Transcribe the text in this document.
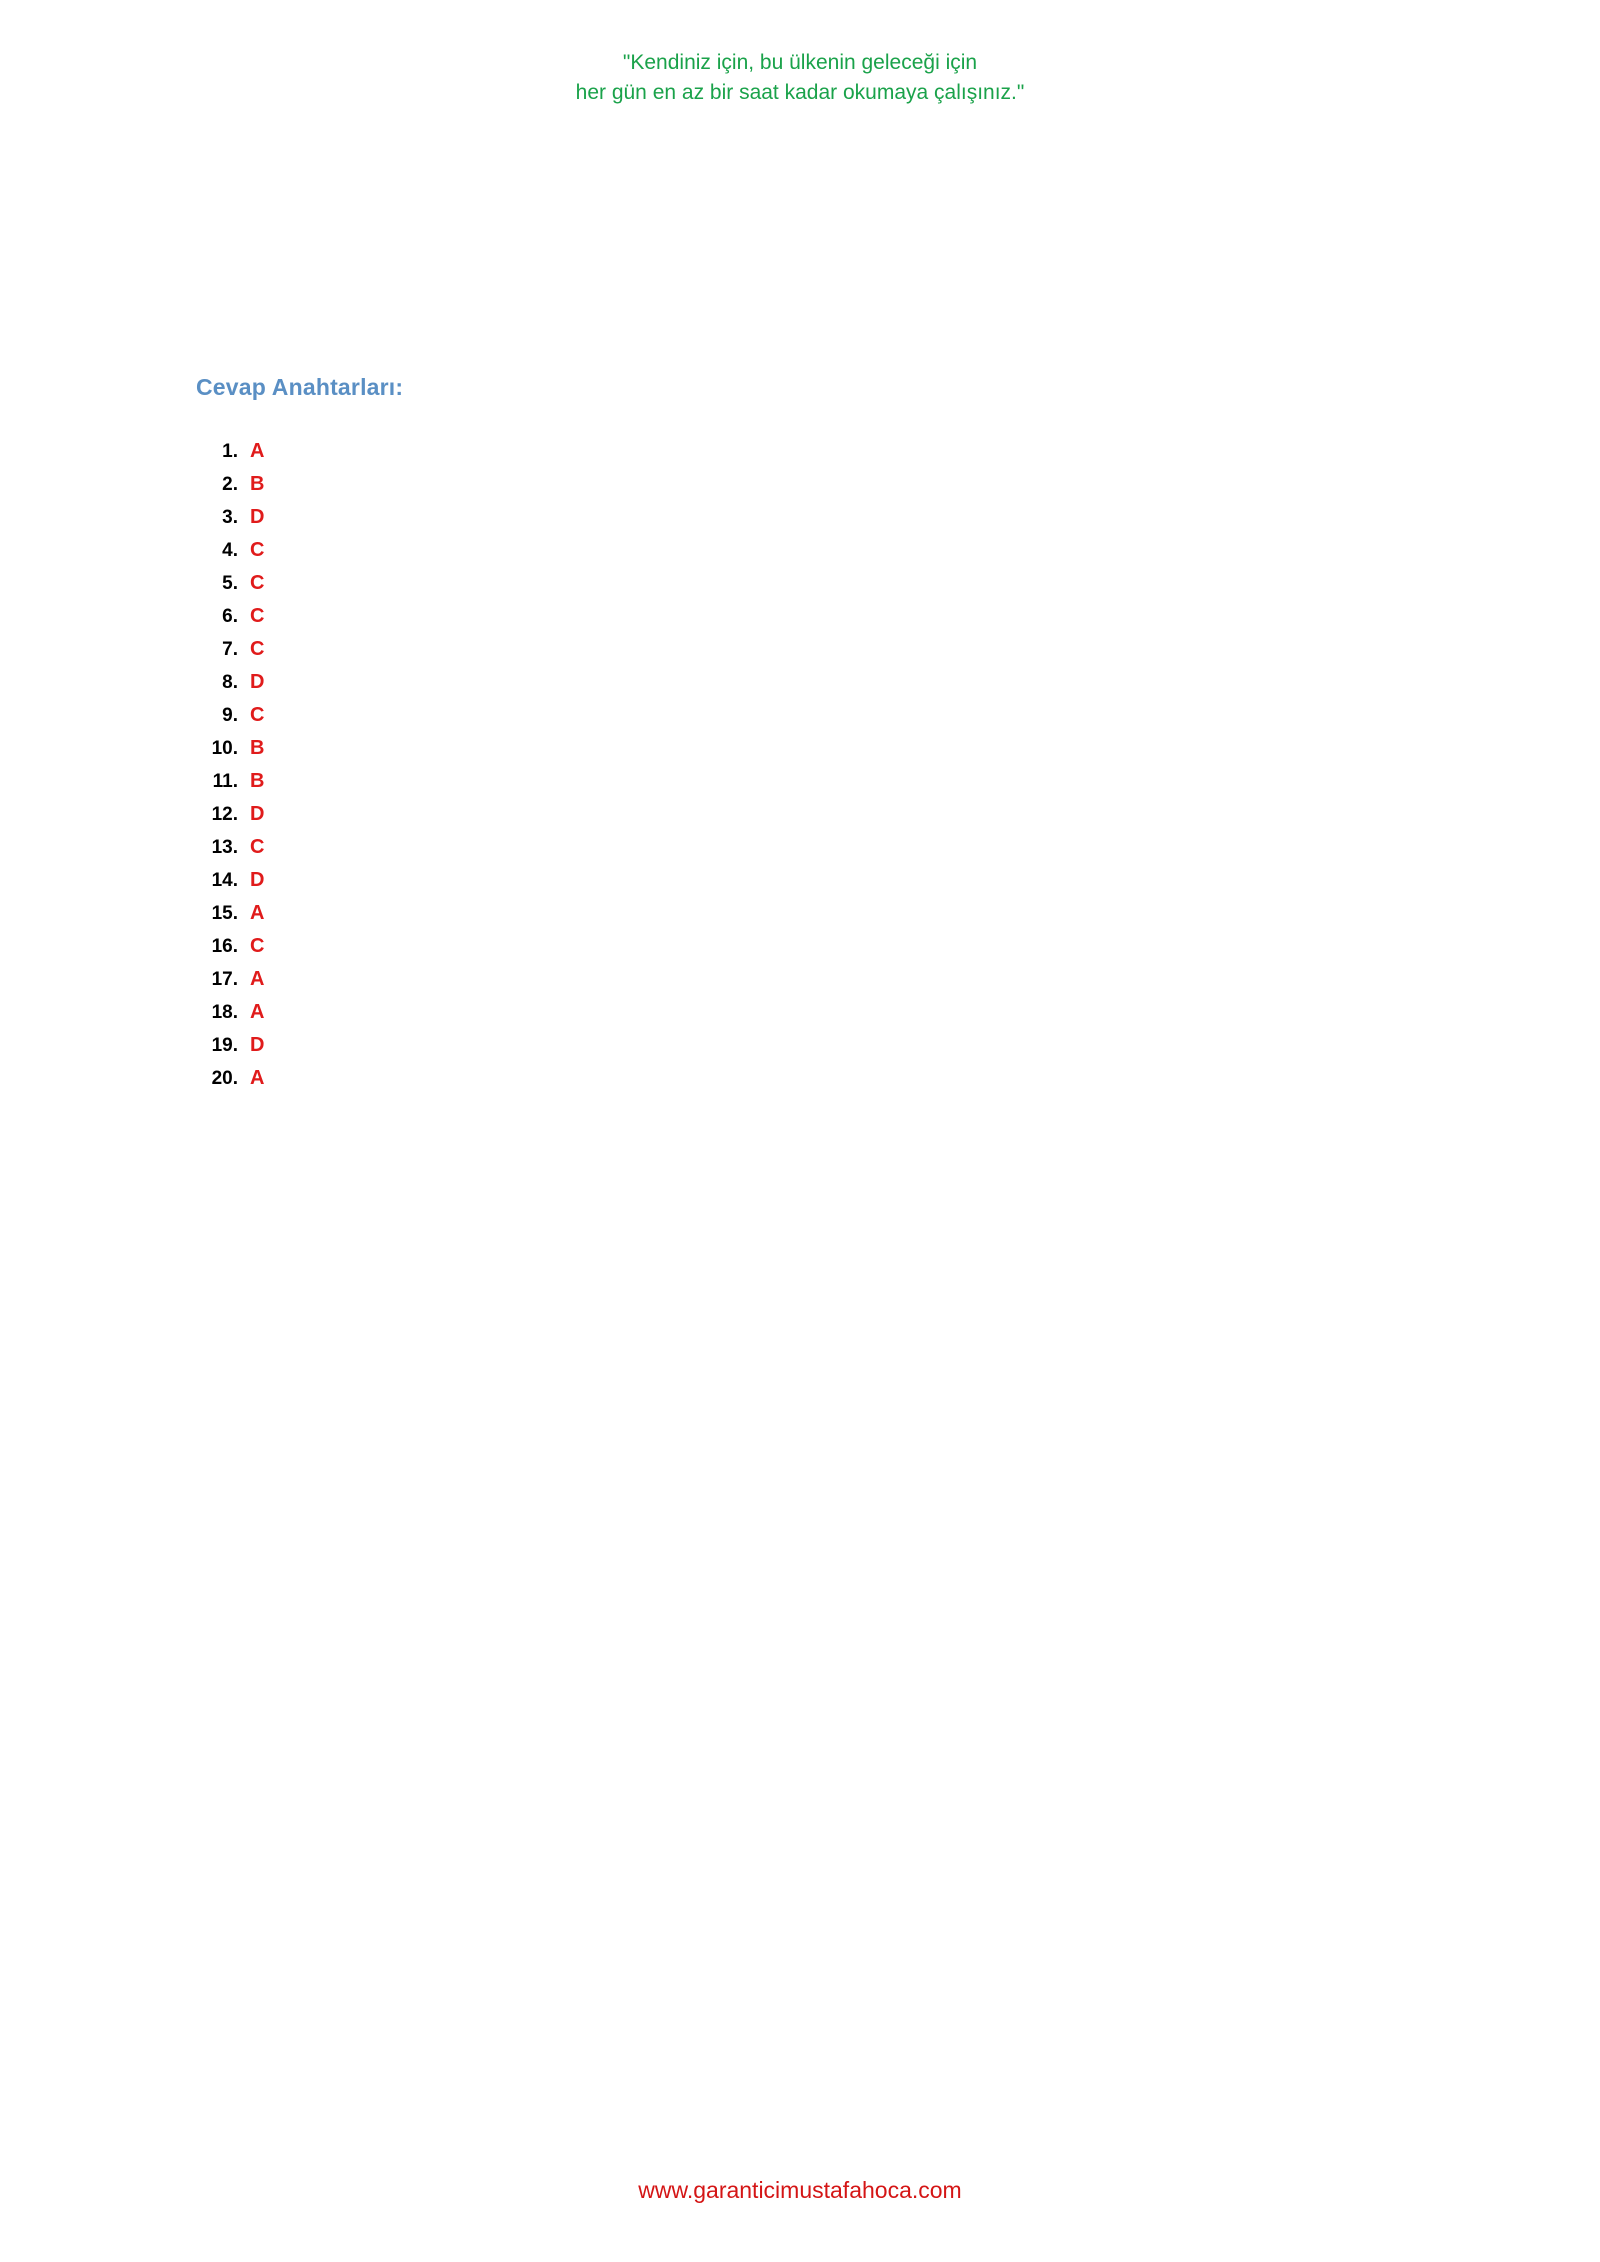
"Kendiniz için, bu ülkenin geleceği için
her gün en az bir saat kadar okumaya çalışınız."
Cevap Anahtarları:
1. A
2. B
3. D
4. C
5. C
6. C
7. C
8. D
9. C
10. B
11. B
12. D
13. C
14. D
15. A
16. C
17. A
18. A
19. D
20. A
www.garanticimustafahoca.com
